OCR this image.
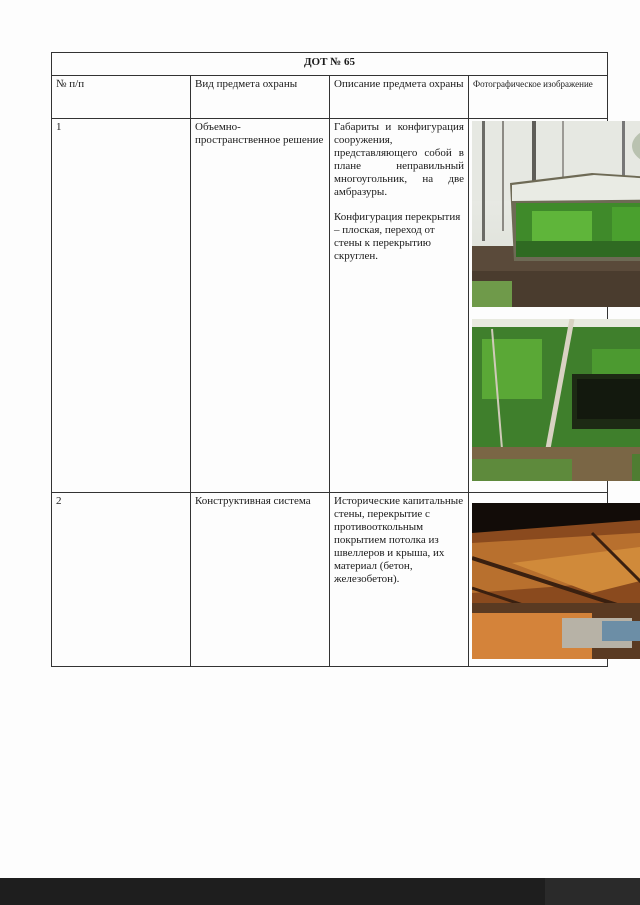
ДОТ № 65			
№ п/п	Вид предмета охраны	Описание предмета охраны	Фотографическое изображение
1	Объемно-пространственное решение	Габариты и конфигурация сооружения, представляющего собой в плане неправильный многоугольник, на две амбразуры.
Конфигурация перекрытия – плоская, переход от стены к перекрытию скруглен.

2	Конструктивная система	Исторические капитальные стены, перекрытие с противооткольным покрытием потолка из швеллеров и крыша, их материал (бетон, железобетон).
